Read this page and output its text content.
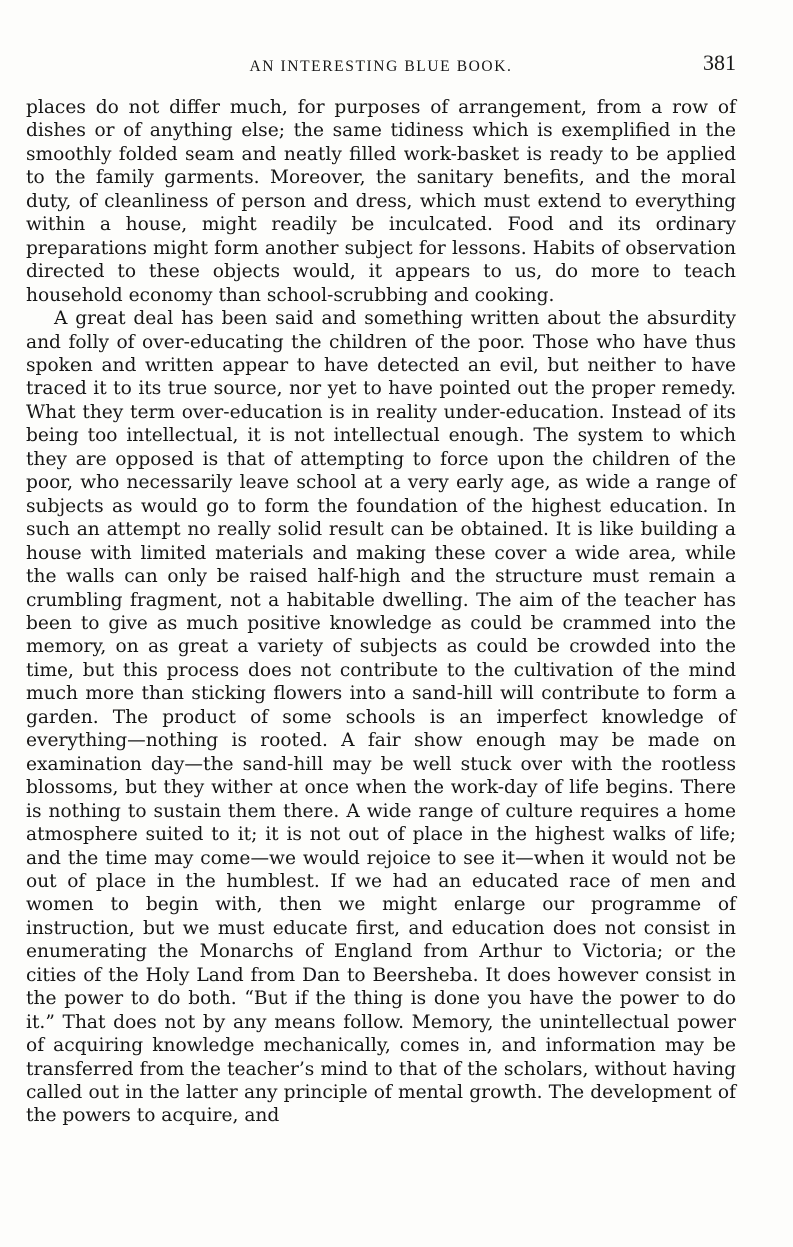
AN INTERESTING BLUE BOOK.	381

places do not differ much, for purposes of arrangement, from a row of dishes or of anything else; the same tidiness which is exemplified in the smoothly folded seam and neatly filled work-basket is ready to be applied to the family garments. Moreover, the sanitary benefits, and the moral duty, of cleanliness of person and dress, which must extend to everything within a house, might readily be inculcated. Food and its ordinary preparations might form another subject for lessons. Habits of observation directed to these objects would, it appears to us, do more to teach household economy than school-scrubbing and cooking.

A great deal has been said and something written about the absurdity and folly of over-educating the children of the poor. Those who have thus spoken and written appear to have detected an evil, but neither to have traced it to its true source, nor yet to have pointed out the proper remedy. What they term over-education is in reality under-education. Instead of its being too intellectual, it is not intellectual enough. The system to which they are opposed is that of attempting to force upon the children of the poor, who necessarily leave school at a very early age, as wide a range of subjects as would go to form the foundation of the highest education. In such an attempt no really solid result can be obtained. It is like building a house with limited materials and making these cover a wide area, while the walls can only be raised half-high and the structure must remain a crumbling fragment, not a habitable dwelling. The aim of the teacher has been to give as much positive knowledge as could be crammed into the memory, on as great a variety of subjects as could be crowded into the time, but this process does not contribute to the cultivation of the mind much more than sticking flowers into a sand-hill will contribute to form a garden. The product of some schools is an imperfect knowledge of everything—nothing is rooted. A fair show enough may be made on examination day—the sand-hill may be well stuck over with the rootless blossoms, but they wither at once when the work-day of life begins. There is nothing to sustain them there. A wide range of culture requires a home atmosphere suited to it; it is not out of place in the highest walks of life; and the time may come—we would rejoice to see it—when it would not be out of place in the humblest. If we had an educated race of men and women to begin with, then we might enlarge our programme of instruction, but we must educate first, and education does not consist in enumerating the Monarchs of England from Arthur to Victoria; or the cities of the Holy Land from Dan to Beersheba. It does however consist in the power to do both. “But if the thing is done you have the power to do it.” That does not by any means follow. Memory, the unintellectual power of acquiring knowledge mechanically, comes in, and information may be transferred from the teacher’s mind to that of the scholars, without having called out in the latter any principle of mental growth. The development of the powers to acquire, and
